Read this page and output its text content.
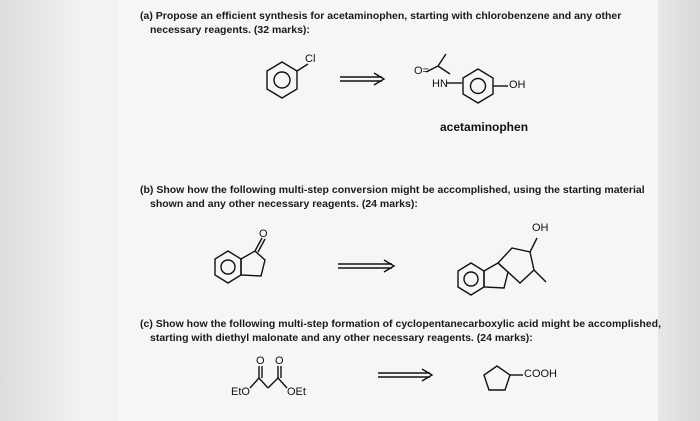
(a) Propose an efficient synthesis for acetaminophen, starting with chlorobenzene and any other
necessary reagents. (32 marks):
(b) Show how the following multi-step conversion might be accomplished, using the starting material
shown and any other necessary reagents. (24 marks):
(c) Show how the following multi-step formation of cyclopentanecarboxylic acid might be accomplished,
starting with diethyl malonate and any other necessary reagents. (24 marks):
Cl
O=
HN	OH
acetaminophen
O	OH
O O
EtO	OEt
COOH
